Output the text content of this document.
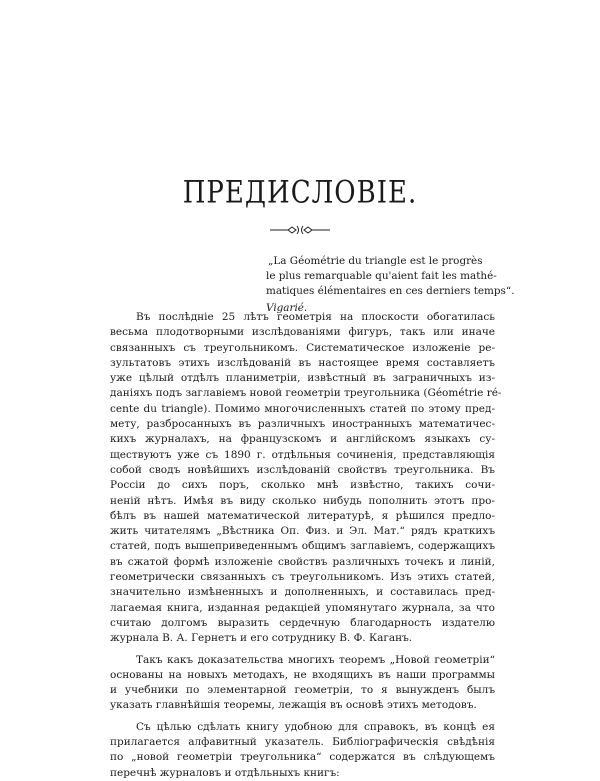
ПРЕДИСЛОВІЕ.
„La Géométrie du triangle est le progrès
le plus remarquable qu'aient fait les mathé-
matiques élémentaires en ces derniers temps“.
Vigarié.
Въ послѣдніе 25 лѣтъ геометрія на плоскости обогатилась
весьма плодотворными изслѣдованіями фигуръ, такъ или иначе
связанныхъ съ треугольникомъ. Систематическое изложеніе ре-
зультатовъ этихъ изслѣдованій въ настоящее время составляетъ
уже цѣлый отдѣлъ планиметріи, извѣстный въ заграничныхъ из-
даніяхъ подъ заглавіемъ новой геометріи треугольника (Géométrie ré-
cente du triangle). Помимо многочисленныхъ статей по этому пред-
мету, разбросанныхъ въ различныхъ иностранныхъ математичес-
кихъ журналахъ, на французскомъ и англійскомъ языкахъ су-
ществуютъ уже съ 1890 г. отдѣльныя сочиненія, представляющія
собой сводъ новѣйшихъ изслѣдованій свойствъ треугольника. Въ
Россіи до сихъ поръ, сколько мнѣ извѣстно, такихъ сочи-
неній нѣтъ. Имѣя въ виду сколько нибудь пополнить этотъ про-
бѣлъ въ нашей математической литературѣ, я рѣшился предло-
жить читателямъ „Вѣстника Оп. Физ. и Эл. Мат.“ рядъ краткихъ
статей, подъ вышеприведеннымъ общимъ заглавіемъ, содержащихъ
въ сжатой формѣ изложеніе свойствъ различныхъ точекъ и линій,
геометрически связанныхъ съ треугольникомъ. Изъ этихъ статей,
значительно измѣненныхъ и дополненныхъ, и составилась пред-
лагаемая книга, изданная редакціей упомянутаго журнала, за что
считаю долгомъ выразить сердечную благодарность издателю
журнала В. А. Гернетъ и его сотруднику В. Ф. Каганъ.
Такъ какъ доказательства многихъ теоремъ „Новой геометріи“
основаны на новыхъ методахъ, не входящихъ въ наши программы
и учебники по элементарной геометріи, то я вынужденъ былъ
указать главнѣйшія теоремы, лежащія въ основѣ этихъ методовъ.
Съ цѣлью сдѣлать книгу удобною для справокъ, въ концѣ ея
прилагается алфавитный указатель. Библіографическія свѣдѣнія
по „новой геометріи треугольника“ содержатся въ слѣдующемъ
перечнѣ журналовъ и отдѣльныхъ книгъ:
